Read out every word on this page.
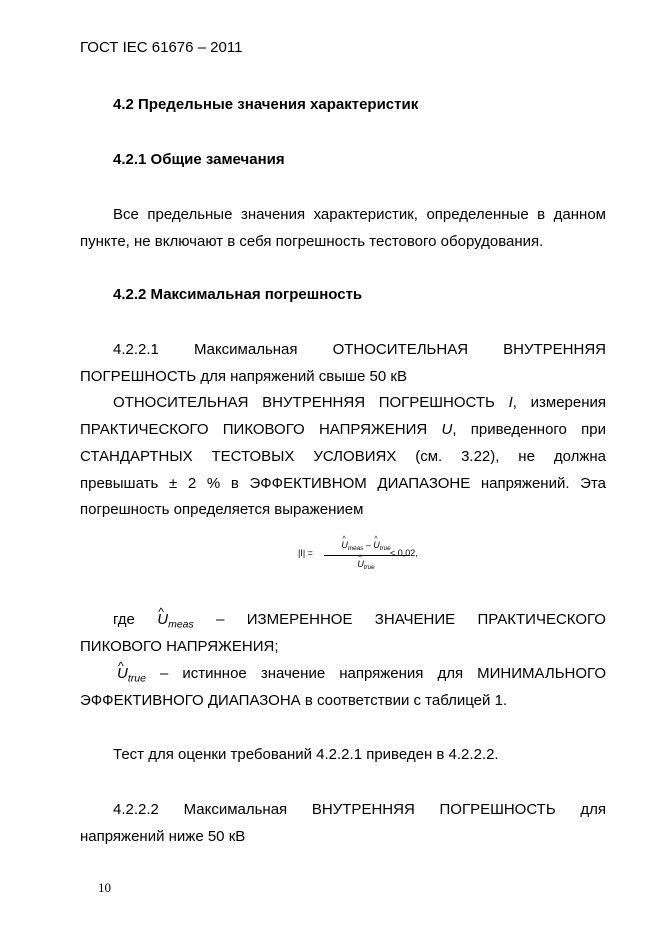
ГОСТ IEC 61676 – 2011
4.2 Предельные значения характеристик
4.2.1 Общие замечания
Все предельные значения характеристик, определенные в данном
пункте, не включают в себя погрешность тестового оборудования.
4.2.2 Максимальная погрешность
4.2.2.1 Максимальная ОТНОСИТЕЛЬНАЯ ВНУТРЕННЯЯ
ПОГРЕШНОСТЬ для напряжений свыше 50 кВ
ОТНОСИТЕЛЬНАЯ ВНУТРЕННЯЯ ПОГРЕШНОСТЬ I, измерения
ПРАКТИЧЕСКОГО ПИКОВОГО НАПРЯЖЕНИЯ U, приведенного при
СТАНДАРТНЫХ ТЕСТОВЫХ УСЛОВИЯХ (см. 3.22), не должна
превышать ± 2 % в ЭФФЕКТИВНОМ ДИАПАЗОНЕ напряжений. Эта
погрешность определяется выражением
|I| =
^ $U_{meas}$ – ^ $U_{true}$
^ $U_{true}$
< 0,02,
где ^ $U_{meas}$ – ИЗМЕРЕННОЕ ЗНАЧЕНИЕ ПРАКТИЧЕСКОГО
ПИКОВОГО НАПРЯЖЕНИЯ;
^ $U_{true}$ – истинное значение напряжения для МИНИМАЛЬНОГО
ЭФФЕКТИВНОГО ДИАПАЗОНА в соответствии с таблицей 1.
Тест для оценки требований 4.2.2.1 приведен в 4.2.2.2.
4.2.2.2 Максимальная ВНУТРЕННЯЯ ПОГРЕШНОСТЬ для
напряжений ниже 50 кВ
10
